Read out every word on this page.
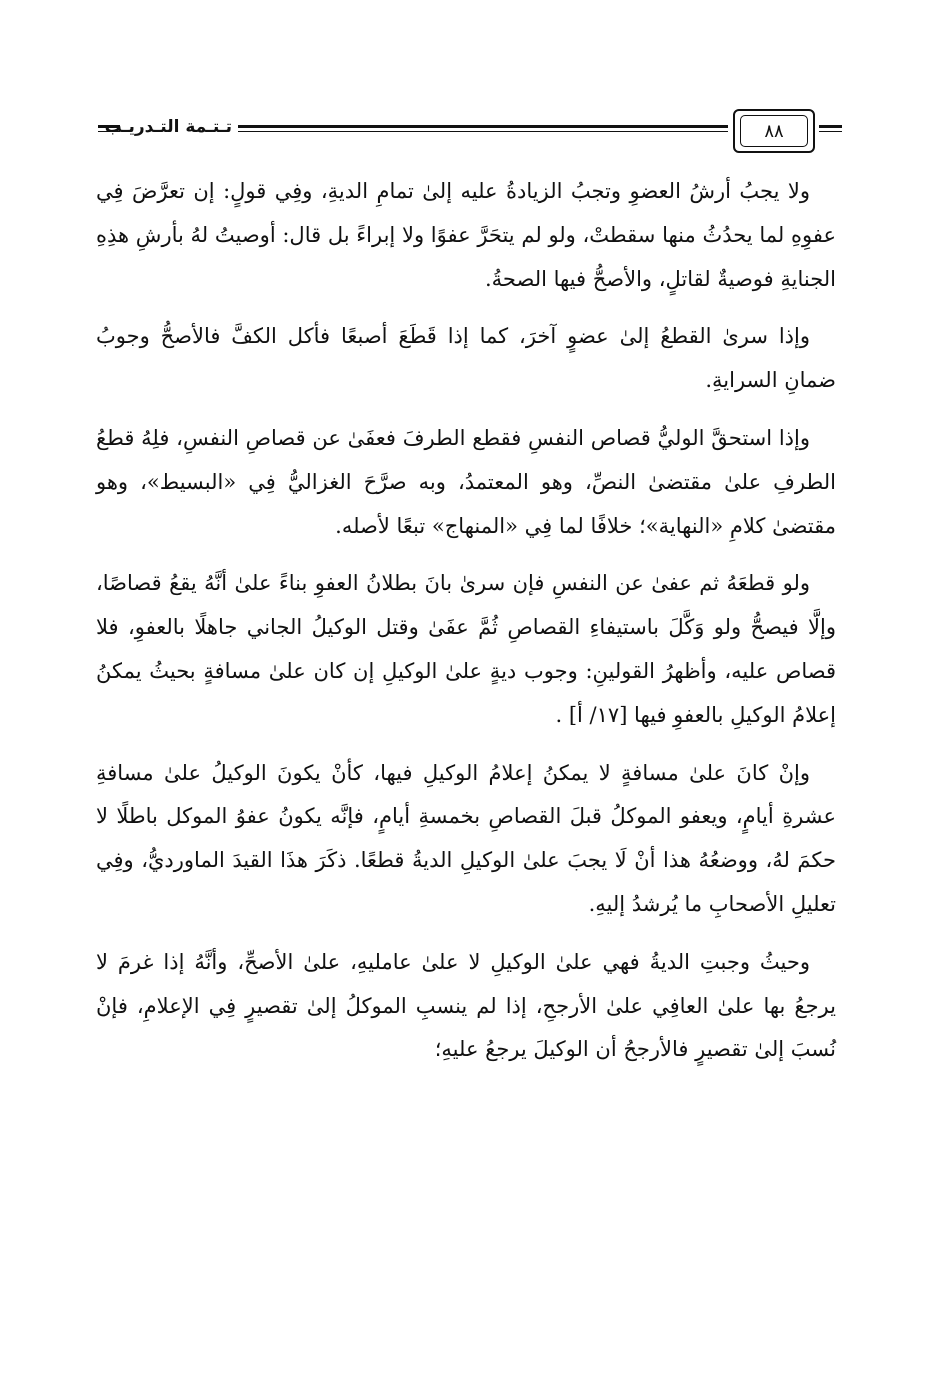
تـتـمة التـدريـب	٨٨

ولا يجبُ أرشُ العضوِ وتجبُ الزيادةُ عليه إلىٰ تمامِ الديةِ، وفِي قولٍ: إن تعرَّضَ فِي عفوِهِ لما يحدُثُ منها سقطتْ، ولو لم يتحَرَّ عفوًا ولا إبراءً بل قال: أوصيتُ لهُ بأرشِ هذِهِ الجنايةِ فوصيةٌ لقاتلٍ، والأصحُّ فيها الصحةُ.

وإذا سرىٰ القطعُ إلىٰ عضوٍ آخرَ، كما إذا قَطَعَ أصبعًا فأكل الكفَّ فالأصحُّ وجوبُ ضمانِ السرايةِ.

وإذا استحقَّ الوليُّ قصاص النفسِ فقطع الطرفَ فعفَىٰ عن قصاصِ النفسِ، فلِهُ قطعُ الطرفِ علىٰ مقتضىٰ النصِّ، وهو المعتمدُ، وبه صرَّحَ الغزاليُّ فِي «البسيط»، وهو مقتضىٰ كلامِ «النهاية»؛ خلافًا لما فِي «المنهاج» تبعًا لأصله.

ولو قطعَهُ ثم عفىٰ عن النفسِ فإن سرىٰ بانَ بطلانُ العفوِ بناءً علىٰ أنَّهُ يقعُ قصاصًا، وإلَّا فيصحُّ ولو وَكَّلَ باستيفاءِ القصاصِ ثُمَّ عفَىٰ وقتل الوكيلُ الجاني جاهلًا بالعفوِ، فلا قصاص عليه، وأظهرُ القولينِ: وجوب ديةٍ علىٰ الوكيلِ إن كان علىٰ مسافةٍ بحيثُ يمكنُ إعلامُ الوكيلِ بالعفوِ فيها [١٧/ أ] .

وإنْ كانَ علىٰ مسافةٍ لا يمكنُ إعلامُ الوكيلِ فيها، كأنْ يكونَ الوكيلُ علىٰ مسافةِ عشرةِ أيامٍ، ويعفو الموكلُ قبلَ القصاصِ بخمسةِ أيامٍ، فإنَّه يكونُ عفوُ الموكل باطلًا لا حكمَ لهُ، ووضعُهُ هذا أنْ لَا يجبَ علىٰ الوكيلِ الديةُ قطعًا. ذكَرَ هذَا القيدَ الماورديُّ، وفِي تعليلِ الأصحابِ ما يُرشدُ إليهِ.

وحيثُ وجبتِ الديةُ فهي علىٰ الوكيلِ لا علىٰ عامليهِ، علىٰ الأصحِّ، وأنَّهُ إذا غرمَ لا يرجعُ بها علىٰ العافِي علىٰ الأرجحِ، إذا لم ينسبِ الموكلُ إلىٰ تقصيرٍ فِي الإعلامِ، فإنْ نُسبَ إلىٰ تقصيرٍ فالأرجحُ أن الوكيلَ يرجعُ عليهِ؛
